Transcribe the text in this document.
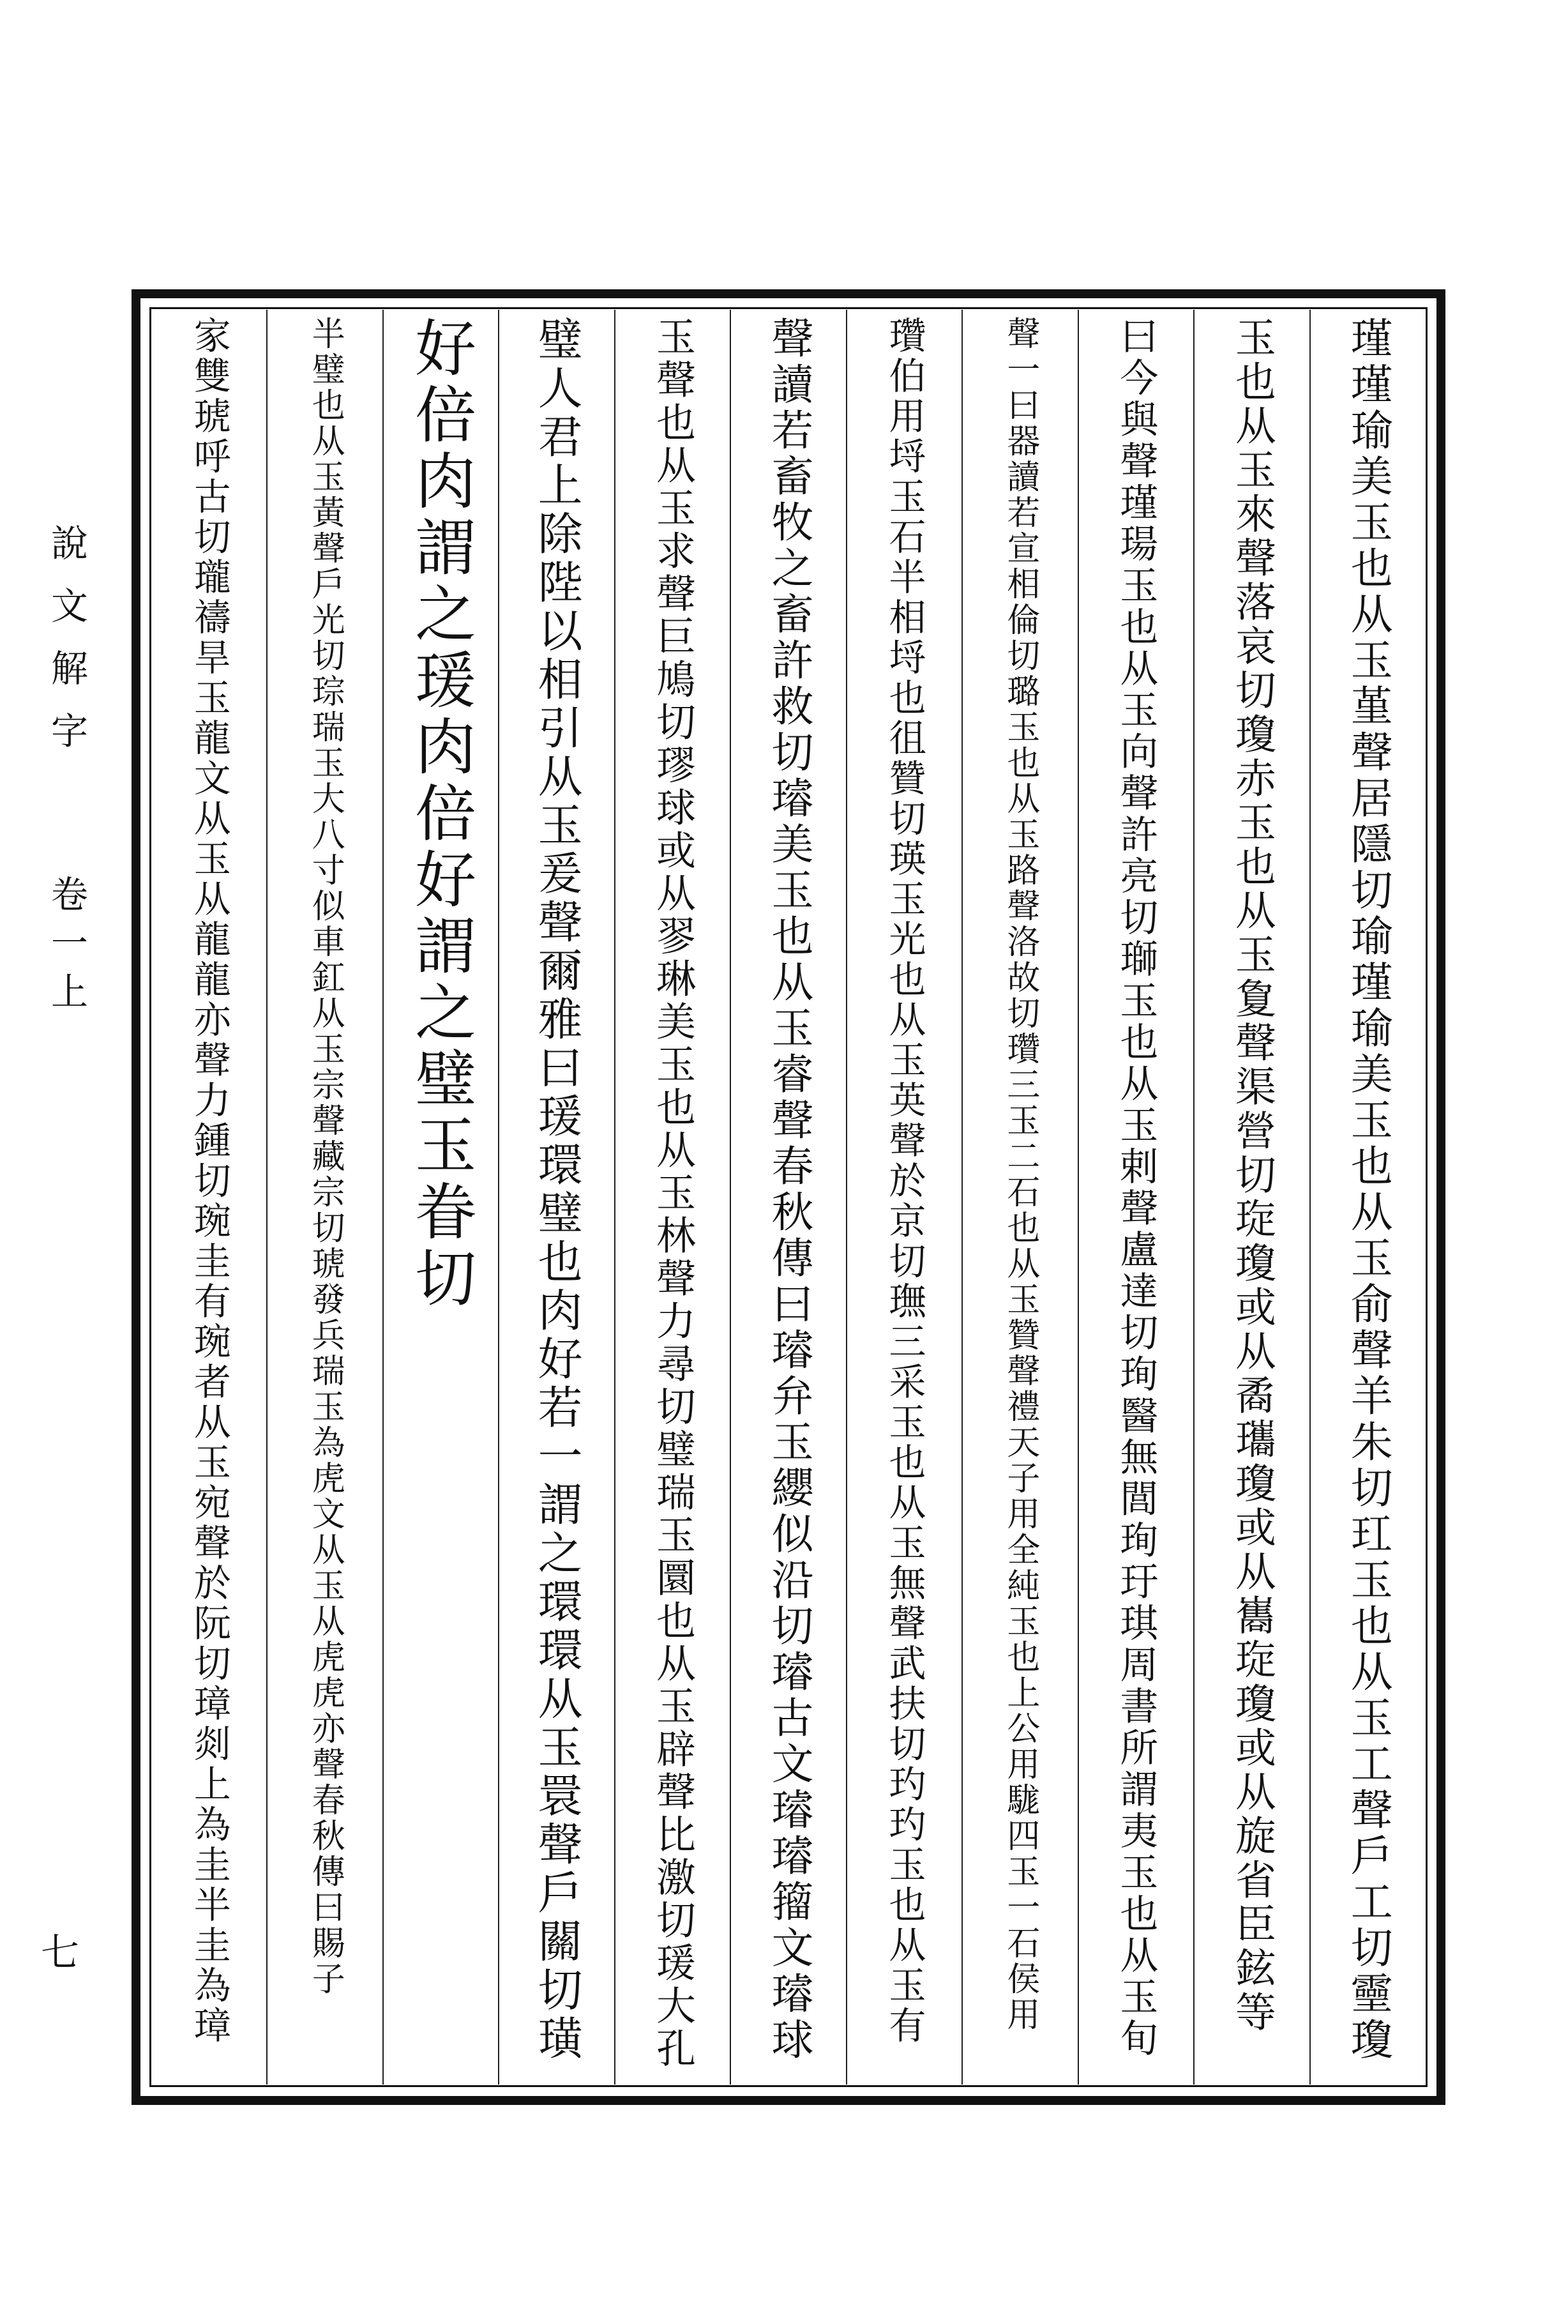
說文解字
卷一上
七	瑾瑾瑜美玉也从玉堇聲居隱切瑜瑾瑜美玉也从玉俞聲羊朱切玒玉也从玉工聲戶工切𤫊瓊
玉也从玉來聲落哀切瓊赤玉也从玉夐聲渠營切琁瓊或从矞瓗瓊或从巂琁瓊或从旋省臣鉉等
曰今與聲瑾瑒玉也从玉向聲許亮切瑡玉也从玉剌聲盧達切珣醫無閭珣玗琪周書所謂夷玉也从玉旬
聲一曰器讀若宣相倫切璐玉也从玉路聲洛故切瓚三玉二石也从玉贊聲禮天子用全純玉也上公用駹四玉一石侯用
瓚伯用埒玉石半相埒也徂贊切瑛玉光也从玉英聲於京切璑三采玉也从玉無聲武扶切玓玓玉也从玉有
聲讀若畜牧之畜許救切璿美玉也从玉睿聲春秋傳曰璿弁玉纓似沿切璿古文璿璿籀文璿球
玉聲也从玉求聲巨鳩切璆球或从翏琳美玉也从玉林聲力尋切璧瑞玉圜也从玉辟聲比激切瑗大孔
璧人君上除陛以相引从玉爰聲爾雅曰瑗環璧也肉好若一謂之環環从玉睘聲戶關切璜
好倍肉謂之瑗肉倍好謂之璧玉眷切
半璧也从玉黃聲戶光切琮瑞玉大八寸似車釭从玉宗聲藏宗切琥發兵瑞玉為虎文从玉从虎虎亦聲春秋傳曰賜子
家雙琥呼古切瓏禱旱玉龍文从玉从龍龍亦聲力鍾切琬圭有琬者从玉宛聲於阮切璋剡上為圭半圭為璋
